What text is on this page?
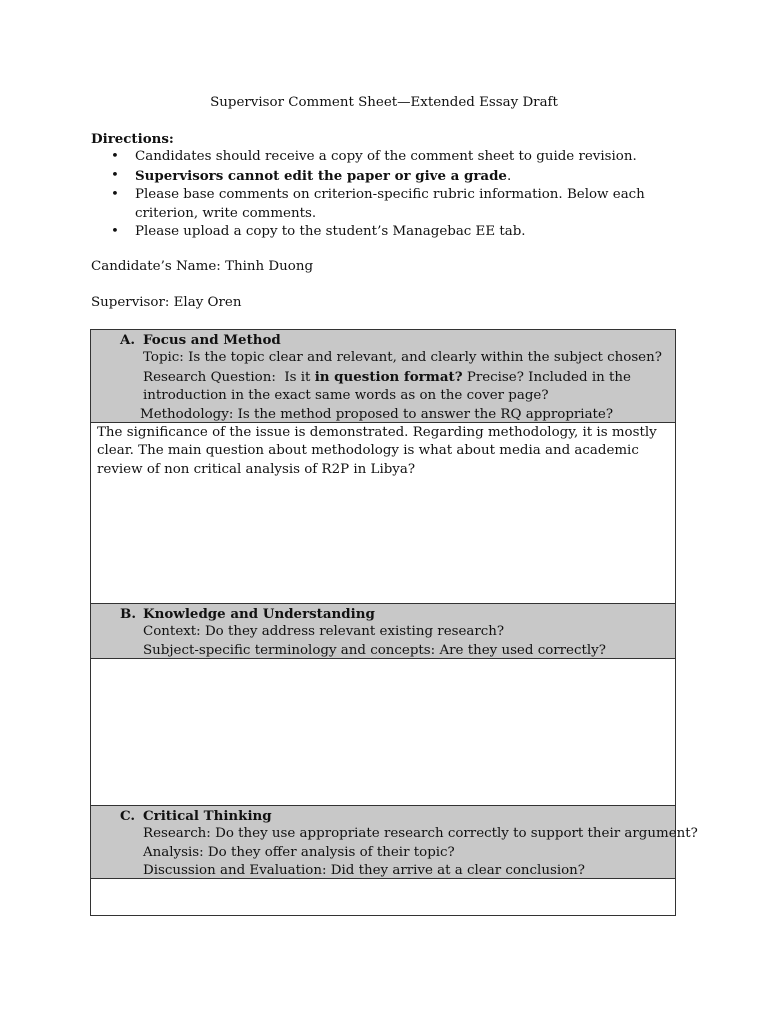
Supervisor Comment Sheet—Extended Essay Draft
Directions:
• Candidates should receive a copy of the comment sheet to guide revision.
• Supervisors cannot edit the paper or give a grade.
• Please base comments on criterion-specific rubric information. Below each criterion, write comments.
• Please upload a copy to the student’s Managebac EE tab.
Candidate’s Name: Thinh Duong
Supervisor: Elay Oren
A. Focus and Method
Topic: Is the topic clear and relevant, and clearly within the subject chosen?
Research Question:  Is it in question format? Precise? Included in the
introduction in the exact same words as on the cover page?
Methodology: Is the method proposed to answer the RQ appropriate?
The significance of the issue is demonstrated. Regarding methodology, it is mostly clear. The main question about methodology is what about media and academic review of non critical analysis of R2P in Libya?
B. Knowledge and Understanding
Context: Do they address relevant existing research?
Subject-specific terminology and concepts: Are they used correctly?
C. Critical Thinking
Research: Do they use appropriate research correctly to support their argument?
Analysis: Do they offer analysis of their topic?
Discussion and Evaluation: Did they arrive at a clear conclusion?
